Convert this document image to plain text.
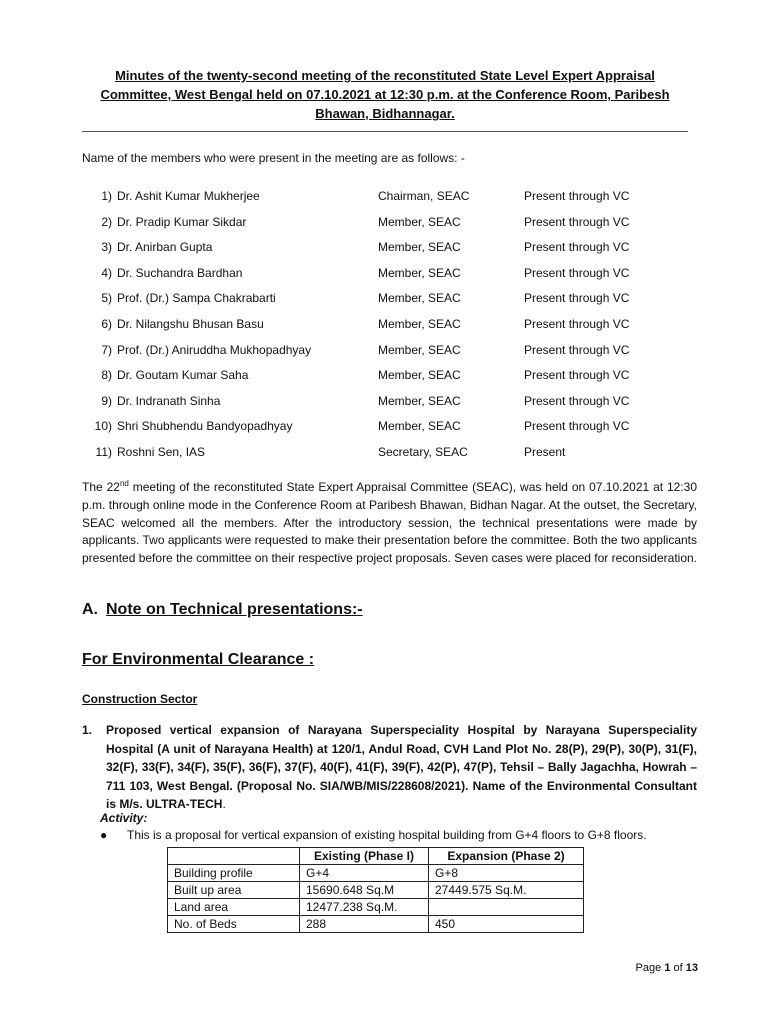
Minutes of the twenty-second meeting of the reconstituted State Level Expert Appraisal Committee, West Bengal held on 07.10.2021 at 12:30 p.m. at the Conference Room, Paribesh Bhawan, Bidhannagar.
Name of the members who were present in the meeting are as follows: -
1) Dr. Ashit Kumar Mukherjee	Chairman, SEAC	Present through VC
2) Dr. Pradip Kumar Sikdar	Member, SEAC	Present through VC
3) Dr. Anirban Gupta	Member, SEAC	Present through VC
4) Dr. Suchandra Bardhan	Member, SEAC	Present through VC
5) Prof. (Dr.) Sampa Chakrabarti	Member, SEAC	Present through VC
6) Dr. Nilangshu Bhusan Basu	Member, SEAC	Present through VC
7) Prof. (Dr.) Aniruddha Mukhopadhyay	Member, SEAC	Present through VC
8) Dr. Goutam Kumar Saha	Member, SEAC	Present through VC
9) Dr. Indranath Sinha	Member, SEAC	Present through VC
10) Shri Shubhendu Bandyopadhyay	Member, SEAC	Present through VC
11) Roshni Sen, IAS	Secretary, SEAC	Present
The 22nd meeting of the reconstituted State Expert Appraisal Committee (SEAC), was held on 07.10.2021 at 12:30 p.m. through online mode in the Conference Room at Paribesh Bhawan, Bidhan Nagar. At the outset, the Secretary, SEAC welcomed all the members. After the introductory session, the technical presentations were made by applicants. Two applicants were requested to make their presentation before the committee. Both the two applicants presented before the committee on their respective project proposals. Seven cases were placed for reconsideration.
A. Note on Technical presentations:-
For Environmental Clearance :
Construction Sector
1. Proposed vertical expansion of Narayana Superspeciality Hospital by Narayana Superspeciality Hospital (A unit of Narayana Health) at 120/1, Andul Road, CVH Land Plot No. 28(P), 29(P), 30(P), 31(F), 32(F), 33(F), 34(F), 35(F), 36(F), 37(F), 40(F), 41(F), 39(F), 42(P), 47(P), Tehsil – Bally Jagachha, Howrah – 711 103, West Bengal. (Proposal No. SIA/WB/MIS/228608/2021). Name of the Environmental Consultant is M/s. ULTRA-TECH.
Activity:
● This is a proposal for vertical expansion of existing hospital building from G+4 floors to G+8 floors.
	Existing (Phase I)	Expansion (Phase 2)
Building profile	G+4	G+8
Built up area	15690.648 Sq.M	27449.575 Sq.M.
Land area	12477.238 Sq.M.	
No. of Beds	288	450
Page 1 of 13
